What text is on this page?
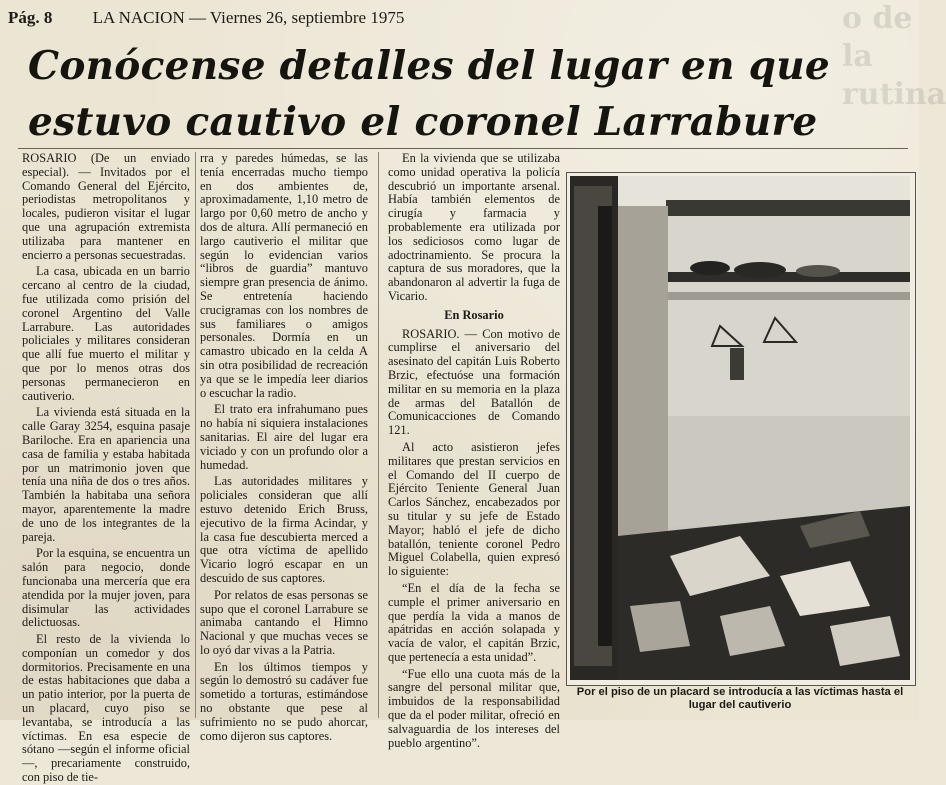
o de la rutina
Pág. 8 LA NACION — Viernes 26, septiembre 1975
Conócense detalles del lugar en que estuvo cautivo el coronel Larrabure

ROSARIO (De un enviado especial). — Invitados por el Comando General del Ejército, periodistas metropolitanos y locales, pudieron visitar el lugar que una agrupación extremista utilizaba para mantener en encierro a personas secuestradas.

La casa, ubicada en un barrio cercano al centro de la ciudad, fue utilizada como prisión del coronel Argentino del Valle Larrabure. Las autoridades policiales y militares consideran que allí fue muerto el militar y que por lo menos otras dos personas permanecieron en cautiverio.

La vivienda está situada en la calle Garay 3254, esquina pasaje Bariloche. Era en apariencia una casa de familia y estaba habitada por un matrimonio joven que tenía una niña de dos o tres años. También la habitaba una señora mayor, aparentemente la madre de uno de los integrantes de la pareja.

Por la esquina, se encuentra un salón para negocio, donde funcionaba una mercería que era atendida por la mujer joven, para disimular las actividades delictuosas.

El resto de la vivienda lo componían un comedor y dos dormitorios. Precisamente en una de estas habitaciones que daba a un patio interior, por la puerta de un placard, cuyo piso se levantaba, se introducía a las víctimas. En esa especie de sótano —según el informe oficial—, precariamente construido, con piso de tie-

rra y paredes húmedas, se las tenía encerradas mucho tiempo en dos ambientes de, aproximadamente, 1,10 metro de largo por 0,60 metro de ancho y dos de altura. Allí permaneció en largo cautiverio el militar que según lo evidencian varios “libros de guardia” mantuvo siempre gran presencia de ánimo. Se entretenía haciendo crucigramas con los nombres de sus familiares o amigos personales. Dormía en un camastro ubicado en la celda A sin otra posibilidad de recreación ya que se le impedía leer diarios o escuchar la radio.

El trato era infrahumano pues no había ni siquiera instalaciones sanitarias. El aire del lugar era viciado y con un profundo olor a humedad.

Las autoridades militares y policiales consideran que allí estuvo detenido Erich Bruss, ejecutivo de la firma Acindar, y la casa fue descubierta merced a que otra víctima de apellido Vicario logró escapar en un descuido de sus captores.

Por relatos de esas personas se supo que el coronel Larrabure se animaba cantando el Himno Nacional y que muchas veces se lo oyó dar vivas a la Patria.

En los últimos tiempos y según lo demostró su cadáver fue sometido a torturas, estimándose no obstante que pese al sufrimiento no se pudo ahorcar, como dijeron sus captores.

En la vivienda que se utilizaba como unidad operativa la policía descubrió un importante arsenal. Había también elementos de cirugía y farmacia y probablemente era utilizada por los sediciosos como lugar de adoctrinamiento. Se procura la captura de sus moradores, que la abandonaron al advertir la fuga de Vicario.

En Rosario

ROSARIO. — Con motivo de cumplirse el aniversario del asesinato del capitán Luis Roberto Brzic, efectuóse una formación militar en su memoria en la plaza de armas del Batallón de Comunicacciones de Comando 121.

Al acto asistieron jefes militares que prestan servicios en el Comando del II cuerpo de Ejército Teniente General Juan Carlos Sánchez, encabezados por su titular y su jefe de Estado Mayor; habló el jefe de dicho batallón, teniente coronel Pedro Miguel Colabella, quien expresó lo siguiente:

“En el día de la fecha se cumple el primer aniversario en que perdía la vida a manos de apátridas en acción solapada y vacía de valor, el capitán Brzic, que pertenecía a esta unidad”.

“Fue ello una cuota más de la sangre del personal militar que, imbuidos de la responsabilidad que da el poder militar, ofreció en salvaguardia de los intereses del pueblo argentino”.

Por el piso de un placard se introducía a las víctimas hasta el lugar del cautiverio
